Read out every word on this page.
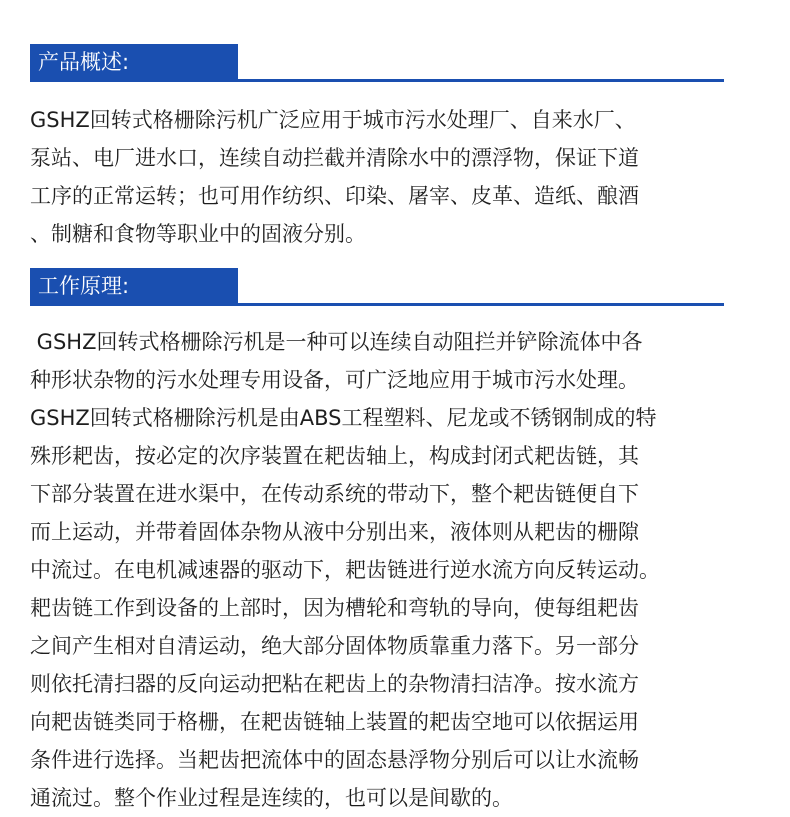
产品概述:

GSHZ回转式格栅除污机广泛应用于城市污水处理厂、自来水厂、
泵站、电厂进水口，连续自动拦截并清除水中的漂浮物，保证下道
工序的正常运转；也可用作纺织、印染、屠宰、皮革、造纸、酿酒
、制糖和食物等职业中的固液分别。

工作原理:

GSHZ回转式格栅除污机是一种可以连续自动阻拦并铲除流体中各
种形状杂物的污水处理专用设备，可广泛地应用于城市污水处理。
GSHZ回转式格栅除污机是由ABS工程塑料、尼龙或不锈钢制成的特
殊形耙齿，按必定的次序装置在耙齿轴上，构成封闭式耙齿链，其
下部分装置在进水渠中，在传动系统的带动下，整个耙齿链便自下
而上运动，并带着固体杂物从液中分别出来，液体则从耙齿的栅隙
中流过。在电机减速器的驱动下，耙齿链进行逆水流方向反转运动。
耙齿链工作到设备的上部时，因为槽轮和弯轨的导向，使每组耙齿
之间产生相对自清运动，绝大部分固体物质靠重力落下。另一部分
则依托清扫器的反向运动把粘在耙齿上的杂物清扫洁净。按水流方
向耙齿链类同于格栅，在耙齿链轴上装置的耙齿空地可以依据运用
条件进行选择。当耙齿把流体中的固态悬浮物分别后可以让水流畅
通流过。整个作业过程是连续的，也可以是间歇的。
